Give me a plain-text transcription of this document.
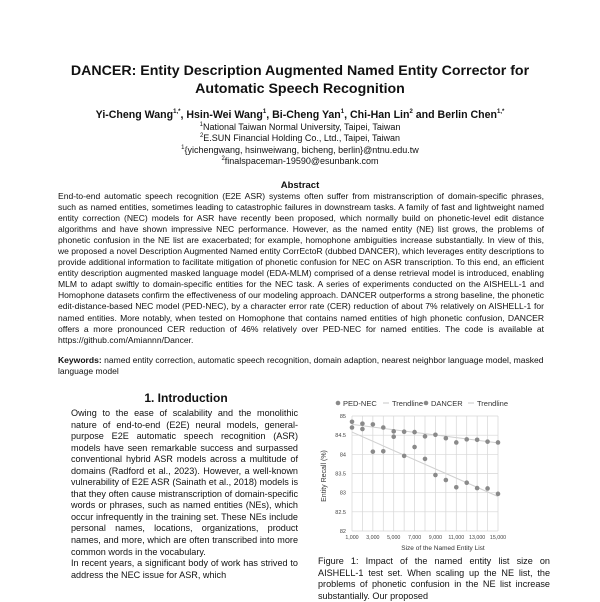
DANCER: Entity Description Augmented Named Entity Corrector for Automatic Speech Recognition
Yi-Cheng Wang$^{1,*}$, Hsin-Wei Wang$^1$, Bi-Cheng Yan$^1$, Chi-Han Lin$^2$ and Berlin Chen$^{1,*}$
$^1$National Taiwan Normal University, Taipei, Taiwan
$^2$E.SUN Financial Holding Co., Ltd., Taipei, Taiwan
$^1${yichengwang, hsinweiwang, bicheng, berlin}@ntnu.edu.tw
$^2$finalspaceman-19590@esunbank.com
Abstract
End-to-end automatic speech recognition (E2E ASR) systems often suffer from mistranscription of domain-specific phrases, such as named entities, sometimes leading to catastrophic failures in downstream tasks. A family of fast and lightweight named entity correction (NEC) models for ASR have recently been proposed, which normally build on phonetic-level edit distance algorithms and have shown impressive NEC performance. However, as the named entity (NE) list grows, the problems of phonetic confusion in the NE list are exacerbated; for example, homophone ambiguities increase substantially. In view of this, we proposed a novel Description Augmented Named entity CorrEctoR (dubbed DANCER), which leverages entity descriptions to provide additional information to facilitate mitigation of phonetic confusion for NEC on ASR transcription. To this end, an efficient entity description augmented masked language model (EDA-MLM) comprised of a dense retrieval model is introduced, enabling MLM to adapt swiftly to domain-specific entities for the NEC task. A series of experiments conducted on the AISHELL-1 and Homophone datasets confirm the effectiveness of our modeling approach. DANCER outperforms a strong baseline, the phonetic edit-distance-based NEC model (PED-NEC), by a character error rate (CER) reduction of about 7% relatively on AISHELL-1 for named entities. More notably, when tested on Homophone that contains named entities of high phonetic confusion, DANCER offers a more pronounced CER reduction of 46% relatively over PED-NEC for named entities. The code is available at https://github.com/Amiannn/Dancer.
Keywords: named entity correction, automatic speech recognition, domain adaption, nearest neighbor language model, masked language model
1. Introduction

Owing to the ease of scalability and the monolithic nature of end-to-end (E2E) neural models, general-purpose E2E automatic speech recognition (ASR) models have seen remarkable success and surpassed conventional hybrid ASR models across a multitude of domains (Radford et al., 2023). However, a well-known vulnerability of E2E ASR (Sainath et al., 2018) models is that they often cause mistranscription of domain-specific words or phrases, such as named entities (NEs), which occur infrequently in the training set. These NEs include personal names, locations, organizations, product names, and more, which are often transcribed into more common words in the vocabulary.

In recent years, a significant body of work has strived to address the NEC issue for ASR, which

PED-NEC Trendline DANCER Trendline
85
84.5
84
83.5
83
82.5
82
1,000 3,000 5,000 7,000 9,000 11,000 13,000 15,000
Entity Recall (%)
Size of the Named Entity List
Figure 1: Impact of the named entity list size on AISHELL-1 test set. When scaling up the NE list, the problems of phonetic confusion in the NE list increase substantially. Our proposed
